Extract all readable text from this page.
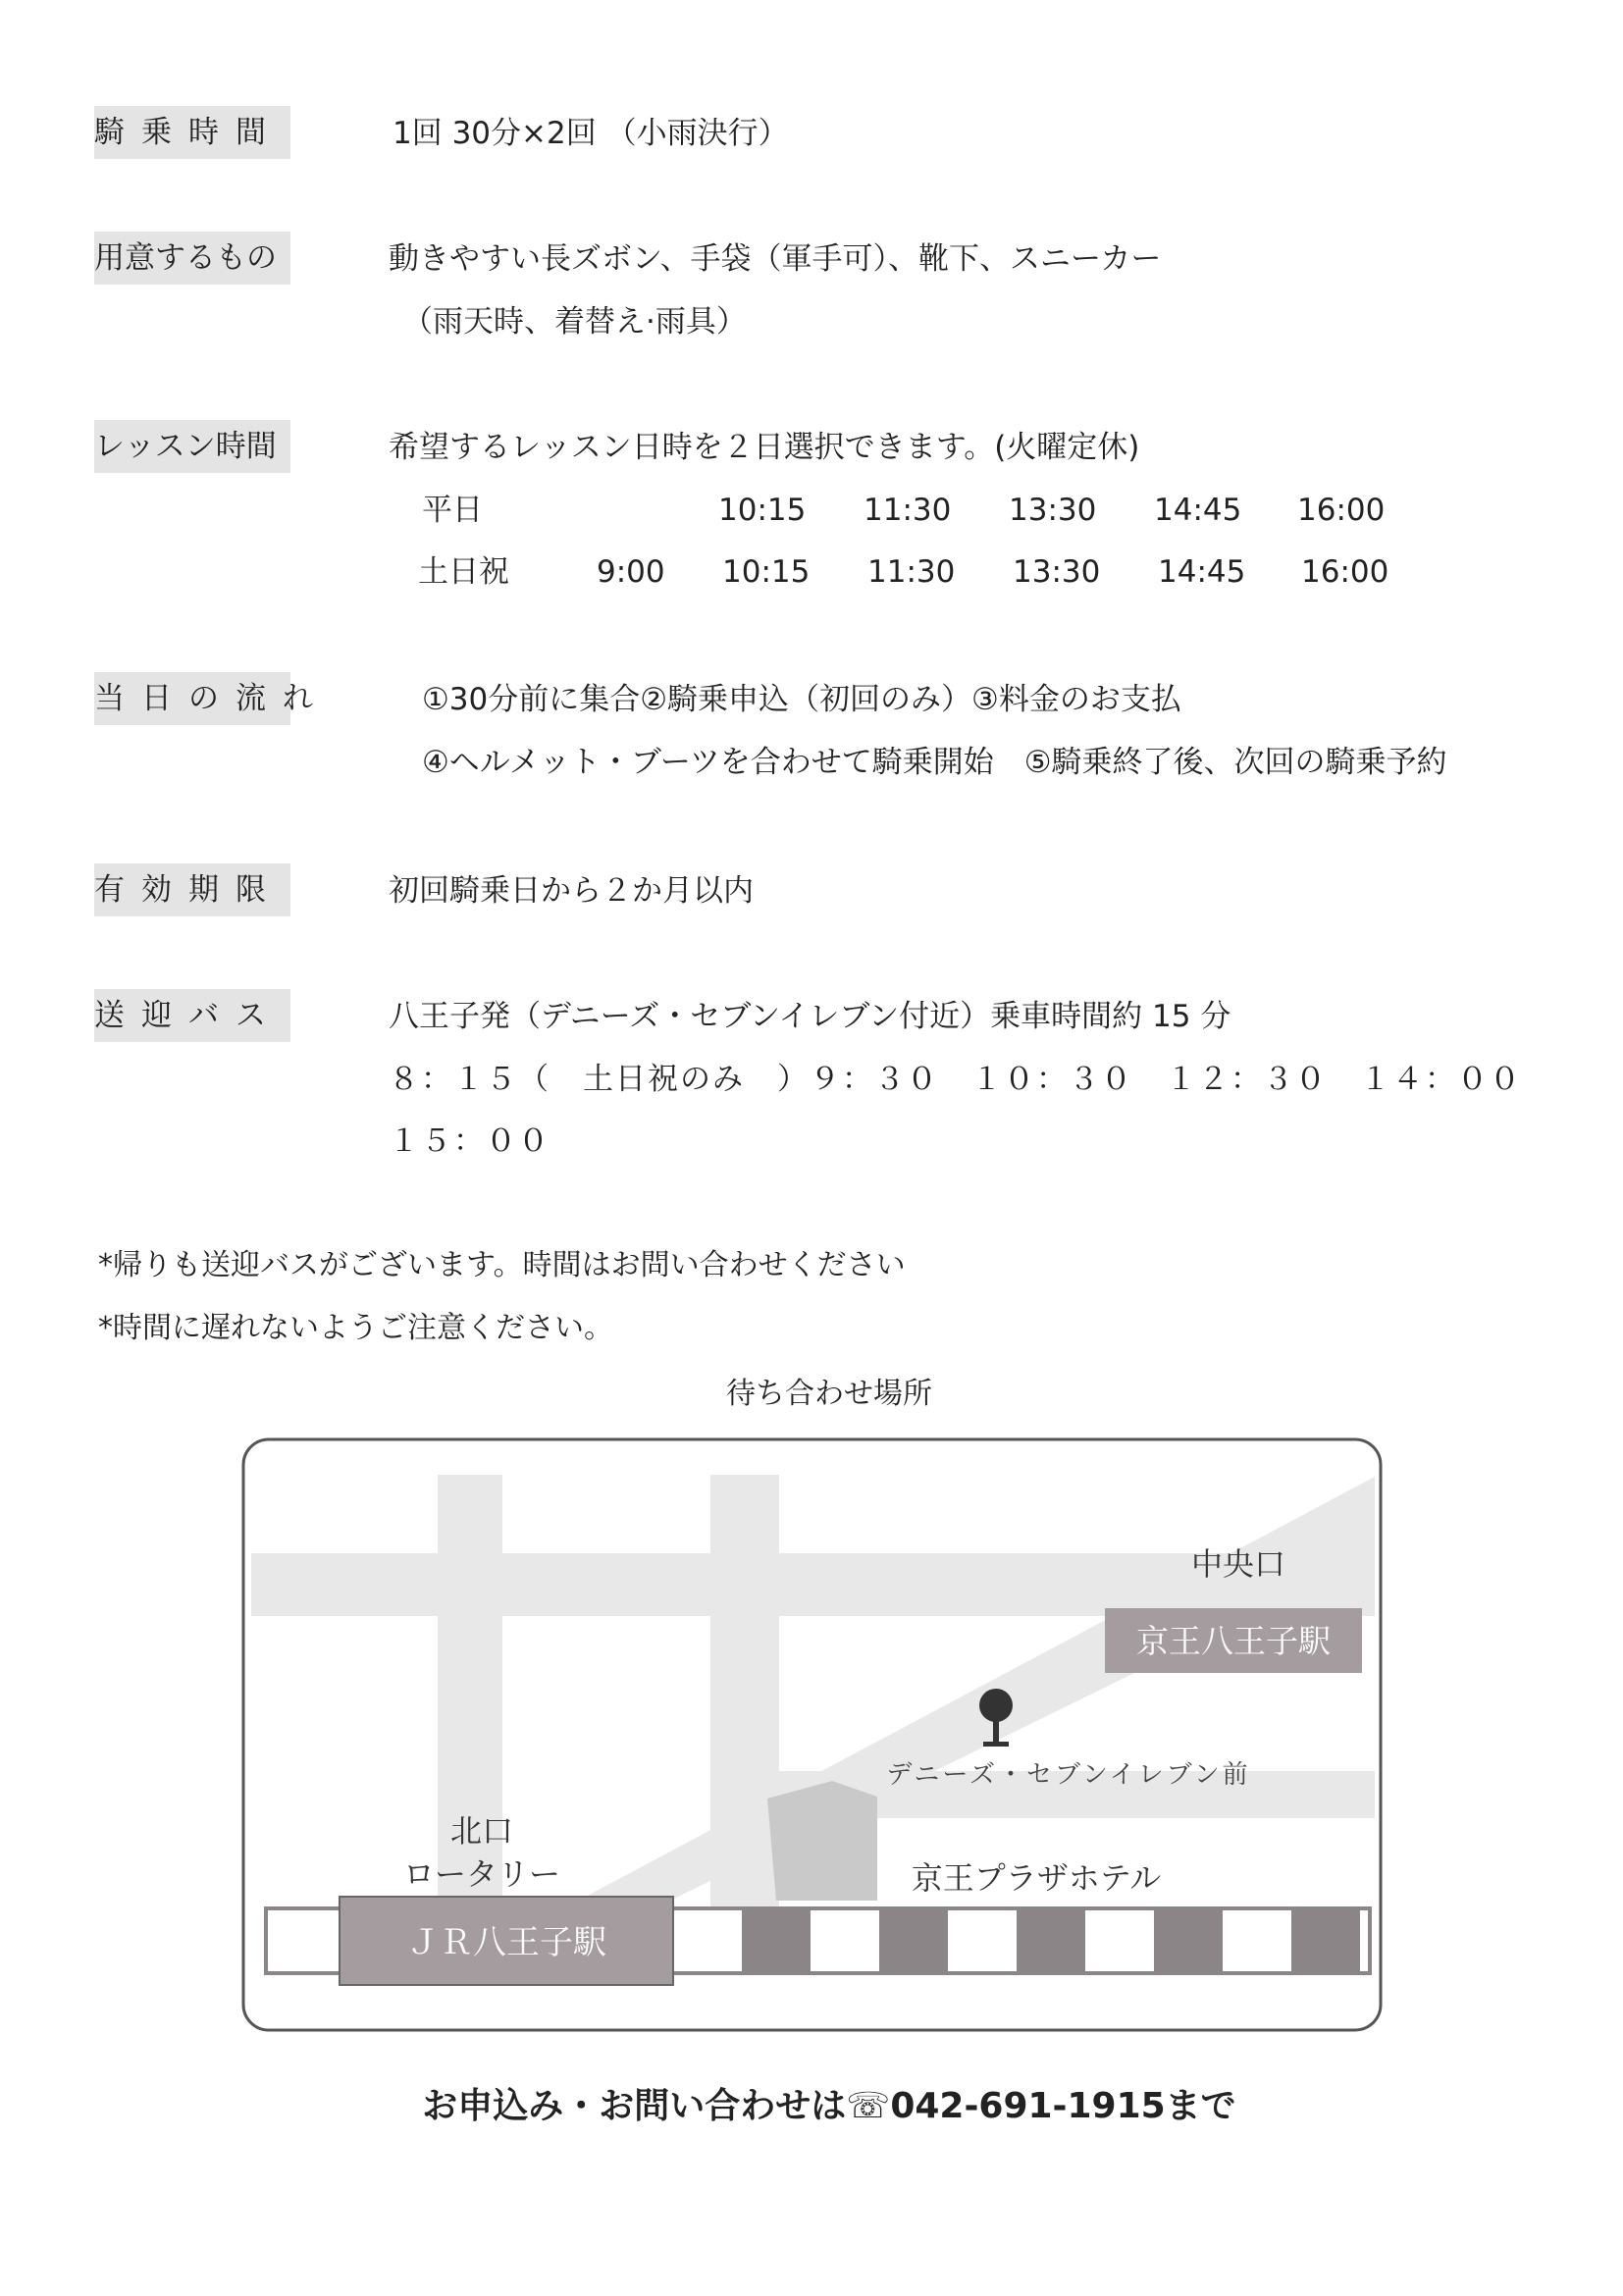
騎乗時間	1回 30分×2回 （小雨決行）
用意するもの	動きやすい長ズボン、手袋（軍手可）、靴下、スニーカー
（雨天時、着替え·雨具）
レッスン時間	希望するレッスン日時を２日選択できます。(火曜定休)
平日	10:15 11:30 13:30 14:45 16:00
土日祝	9:00 10:15 11:30 13:30 14:45 16:00
当日の流れ	①30分前に集合②騎乗申込（初回のみ）③料金のお支払
④ヘルメット・ブーツを合わせて騎乗開始　⑤騎乗終了後、次回の騎乗予約
有効期限	初回騎乗日から２か月以内
送迎バス	八王子発（デニーズ・セブンイレブン付近）乗車時間約 15 分
８：１５（　土日祝のみ　）９：３０　１０：３０　１２：３０　１４：００
１５：００
*帰りも送迎バスがございます。時間はお問い合わせください
*時間に遅れないようご注意ください。
待ち合わせ場所
ＪＲ八王子駅
京王八王子駅
中央口
デニーズ・セブンイレブン前
京王プラザホテル
北口
ロータリー
お申込み・お問い合わせは☏042-691-1915まで
